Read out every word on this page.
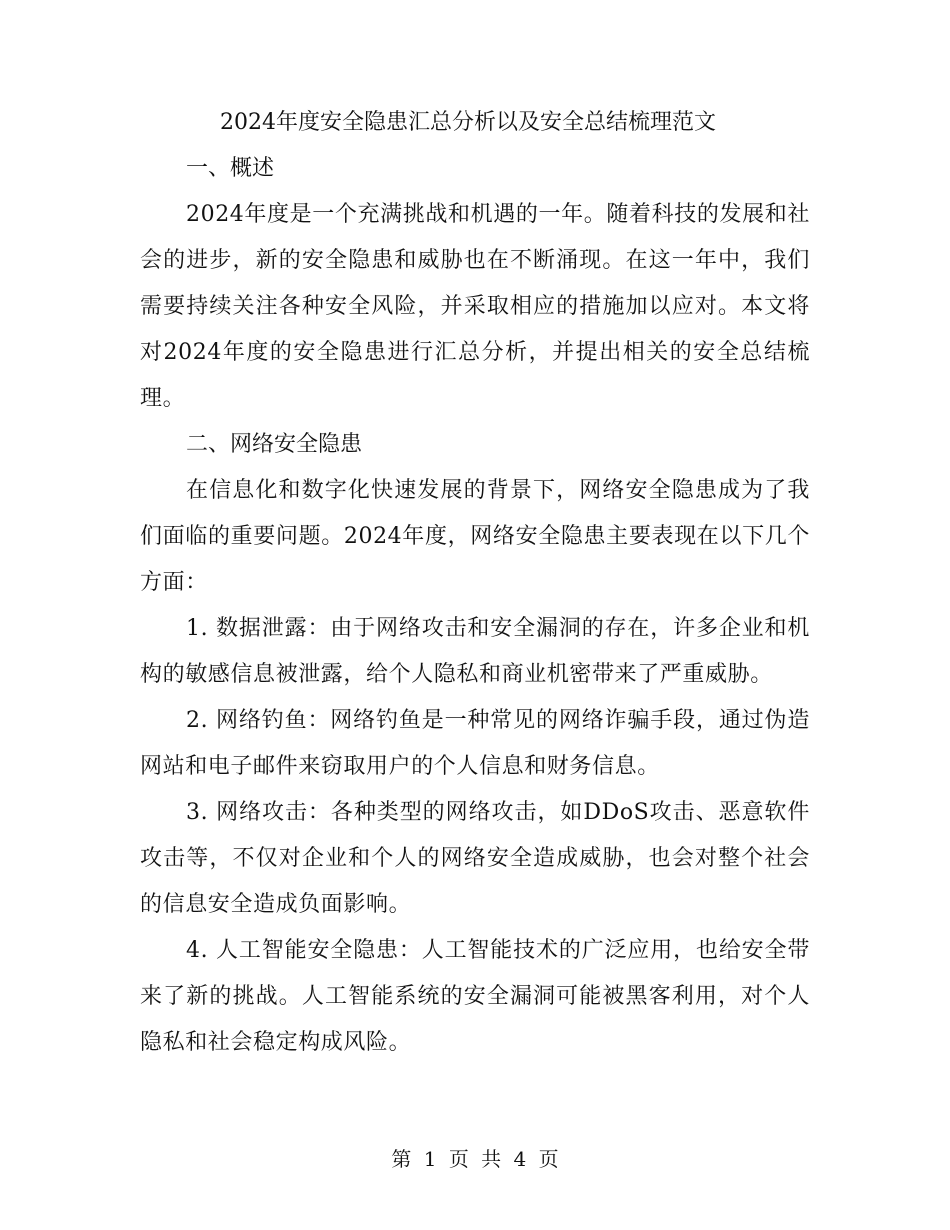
2024年度安全隐患汇总分析以及安全总结梳理范文
一、概述

2024年度是一个充满挑战和机遇的一年。随着科技的发展和社会的进步，新的安全隐患和威胁也在不断涌现。在这一年中，我们需要持续关注各种安全风险，并采取相应的措施加以应对。本文将对2024年度的安全隐患进行汇总分析，并提出相关的安全总结梳理。

二、网络安全隐患

在信息化和数字化快速发展的背景下，网络安全隐患成为了我们面临的重要问题。2024年度，网络安全隐患主要表现在以下几个方面：

1. 数据泄露：由于网络攻击和安全漏洞的存在，许多企业和机构的敏感信息被泄露，给个人隐私和商业机密带来了严重威胁。

2. 网络钓鱼：网络钓鱼是一种常见的网络诈骗手段，通过伪造网站和电子邮件来窃取用户的个人信息和财务信息。

3. 网络攻击：各种类型的网络攻击，如DDoS攻击、恶意软件攻击等，不仅对企业和个人的网络安全造成威胁，也会对整个社会的信息安全造成负面影响。

4. 人工智能安全隐患：人工智能技术的广泛应用，也给安全带来了新的挑战。人工智能系统的安全漏洞可能被黑客利用，对个人隐私和社会稳定构成风险。

第 1 页 共 4 页
